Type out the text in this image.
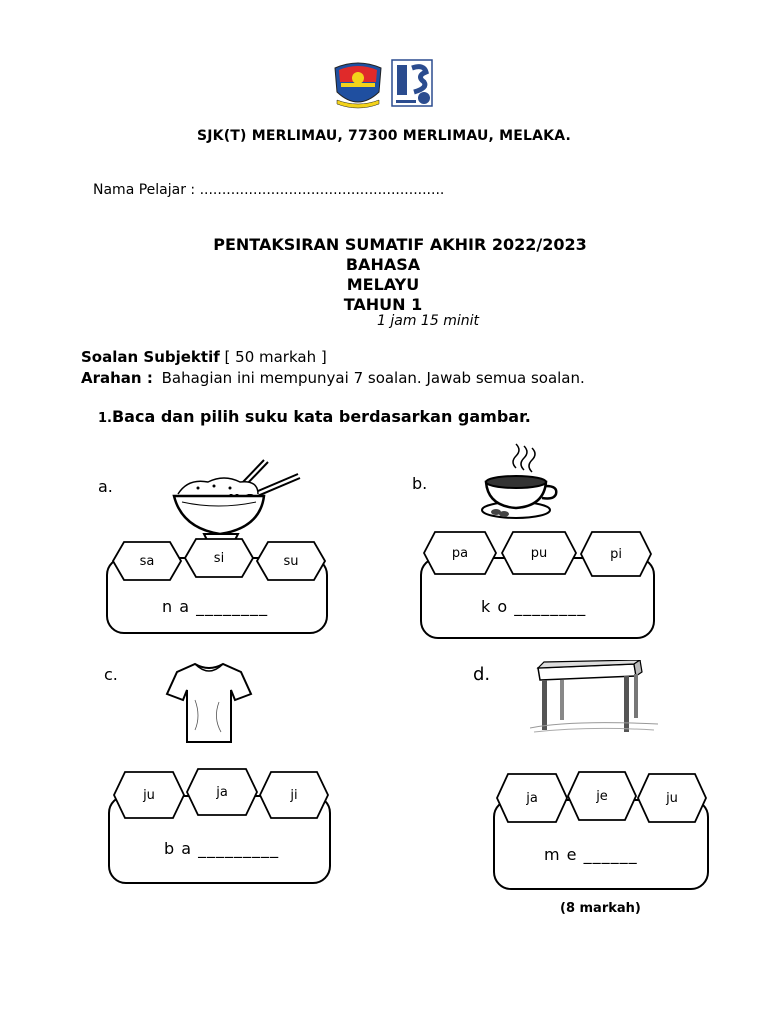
SJK(T) MERLIMAU, 77300 MERLIMAU, MELAKA.
Nama Pelajar : .......................................................
PENTAKSIRAN SUMATIF AKHIR 2022/2023
BAHASA
MELAYU
TAHUN 1
1 jam 15 minit
Soalan Subjektif [ 50 markah ]
Arahan : Bahagian ini mempunyai 7 soalan. Jawab semua soalan.
1.Baca dan pilih suku kata berdasarkan gambar.
a.
n a ________
sa	si	su
b.
k o ________
pa	pu	pi
c.
b a _________
ju	ja	ji
d.
m e ______
ja	je	ju
(8 markah)
